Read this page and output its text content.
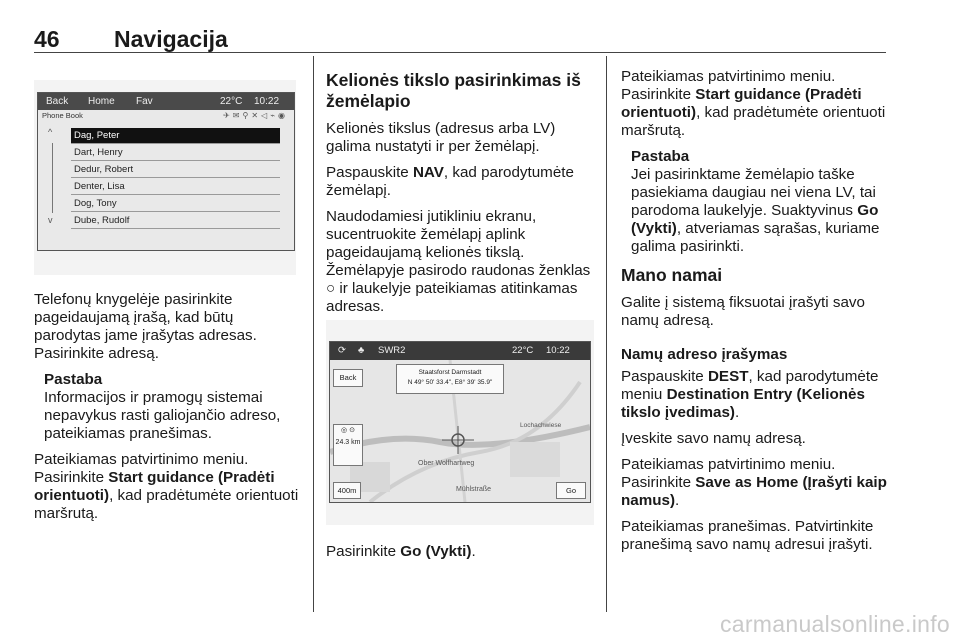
46 Navigacija
Back Home Fav	22°C 10:22
Phone Book	✈✉⚲✕◁⌁◉
^
v
Dag, Peter
Dart, Henry
Dedur, Robert
Denter, Lisa
Dog, Tony
Dube, Rudolf

Telefonų knygelėje pasirinkite pageidaujamą įrašą, kad būtų parodytas jame įrašytas adresas. Pasirinkite adresą.

Pastaba
Informacijos ir pramogų sistemai nepavykus rasti galiojančio adreso, pateikiamas pranešimas.

Pateikiamas patvirtinimo meniu. Pasirinkite Start guidance (Pradėti orientuoti), kad pradėtumėte orientuoti maršrutą.

Kelionės tikslo pasirinkimas iš žemėlapio

Kelionės tikslus (adresus arba LV) galima nustatyti ir per žemėlapį.

Paspauskite NAV, kad parodytumėte žemėlapį.

Naudodamiesi jutikliniu ekranu, sucentruokite žemėlapį aplink pageidaujamą kelionės tikslą. Žemėlapyje pasirodo raudonas ženklas ○ ir laukelyje pateikiamas atitinkamas adresas.

⟳ ♣ SWR2	22°C 10:22
Back
Staatsforst Darmstadt
N 49° 50' 33.4", E8° 39' 35.9"
◎ ⊙
24.3 km
Lochachwiese
Ober Wolfhartweg
Mühlstraße
400m	Go

Pasirinkite Go (Vykti).

Pateikiamas patvirtinimo meniu. Pasirinkite Start guidance (Pradėti orientuoti), kad pradėtumėte orientuoti maršrutą.

Pastaba
Jei pasirinktame žemėlapio taške pasiekiama daugiau nei viena LV, tai parodoma laukelyje. Suaktyvinus Go (Vykti), atveriamas sąrašas, kuriame galima pasirinkti.
Mano namai

Galite į sistemą fiksuotai įrašyti savo namų adresą.

Namų adreso įrašymas

Paspauskite DEST, kad parodytumėte meniu Destination Entry (Kelionės tikslo įvedimas).

Įveskite savo namų adresą.

Pateikiamas patvirtinimo meniu. Pasirinkite Save as Home (Įrašyti kaip namus).

Pateikiamas pranešimas. Patvirtinkite pranešimą savo namų adresui įrašyti.

carmanualsonline.info
